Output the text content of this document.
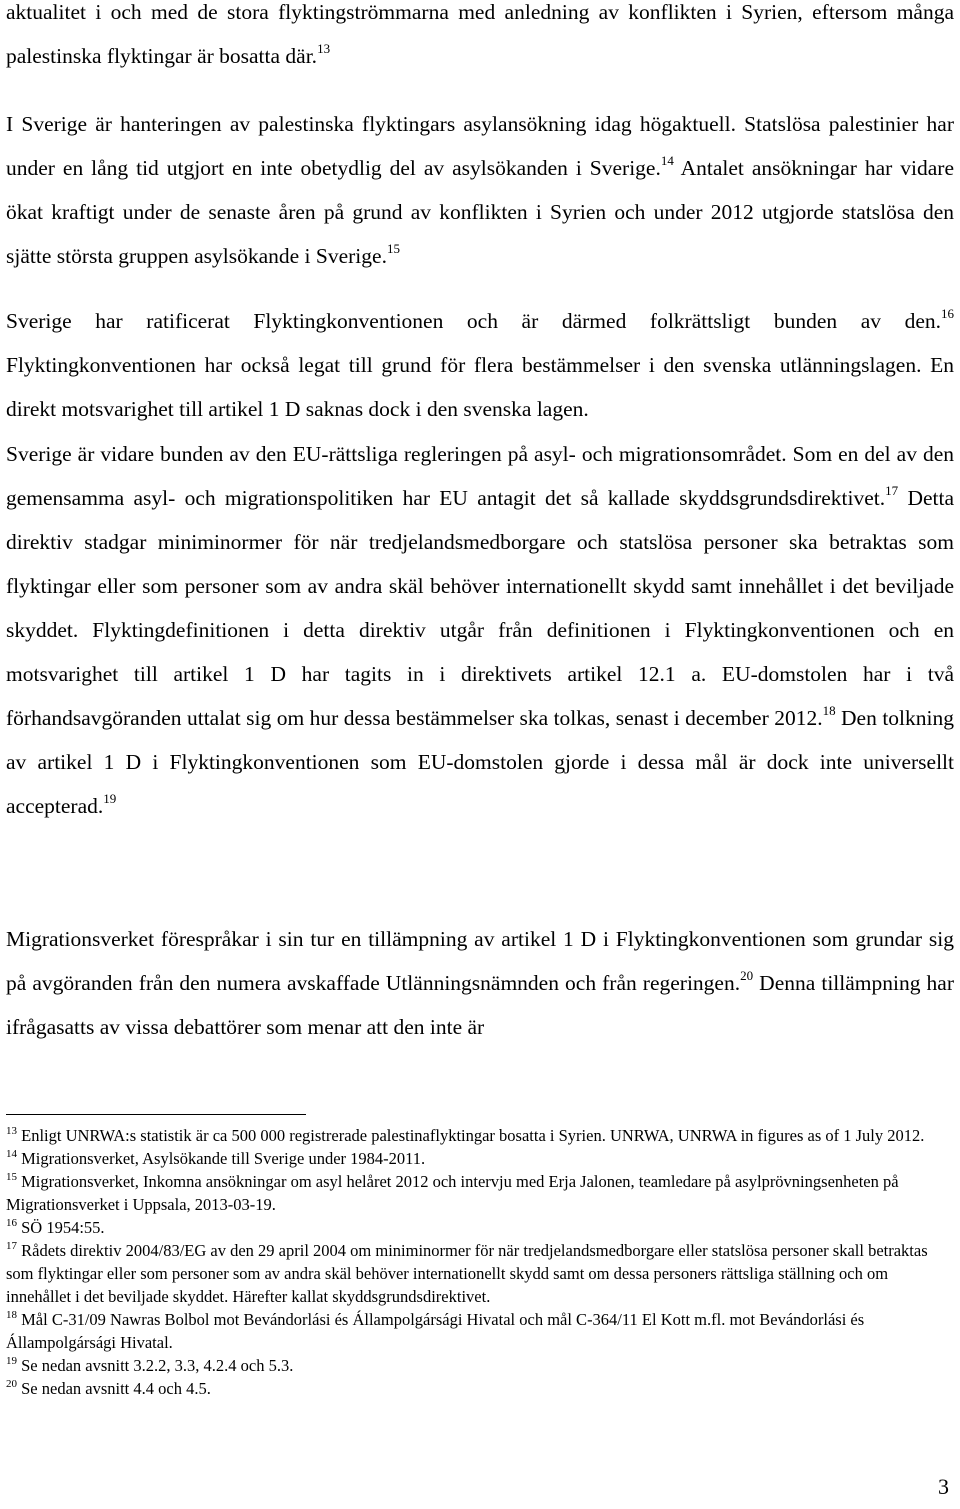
aktualitet i och med de stora flyktingströmmarna med anledning av konflikten i Syrien, eftersom många palestinska flyktingar är bosatta där.$^{13}$

I Sverige är hanteringen av palestinska flyktingars asylansökning idag högaktuell. Statslösa palestinier har under en lång tid utgjort en inte obetydlig del av asylsökanden i Sverige.$^{14}$ Antalet ansökningar har vidare ökat kraftigt under de senaste åren på grund av konflikten i Syrien och under 2012 utgjorde statslösa den sjätte största gruppen asylsökande i Sverige.$^{15}$

Sverige har ratificerat Flyktingkonventionen och är därmed folkrättsligt bunden av den.$^{16}$ Flyktingkonventionen har också legat till grund för flera bestämmelser i den svenska utlänningslagen. En direkt motsvarighet till artikel 1 D saknas dock i den svenska lagen.

Sverige är vidare bunden av den EU-rättsliga regleringen på asyl- och migrationsområdet. Som en del av den gemensamma asyl- och migrationspolitiken har EU antagit det så kallade skyddsgrundsdirektivet.$^{17}$ Detta direktiv stadgar miniminormer för när tredjelandsmedborgare och statslösa personer ska betraktas som flyktingar eller som personer som av andra skäl behöver internationellt skydd samt innehållet i det beviljade skyddet. Flyktingdefinitionen i detta direktiv utgår från definitionen i Flyktingkonventionen och en motsvarighet till artikel 1 D har tagits in i direktivets artikel 12.1 a. EU-domstolen har i två förhandsavgöranden uttalat sig om hur dessa bestämmelser ska tolkas, senast i december 2012.18 Den tolkning av artikel 1 D i Flyktingkonventionen som EU-domstolen gjorde i dessa mål är dock inte universellt accepterad.$^{19}$

Migrationsverket förespråkar i sin tur en tillämpning av artikel 1 D i Flyktingkonventionen som grundar sig på avgöranden från den numera avskaffade Utlänningsnämnden och från regeringen.$^{20}$ Denna tillämpning har ifrågasatts av vissa debattörer som menar att den inte är

$^{13}$ Enligt UNRWA:s statistik är ca 500 000 registrerade palestinaflyktingar bosatta i Syrien. UNRWA, UNRWA in figures as of 1 July 2012.

$^{14}$ Migrationsverket, Asylsökande till Sverige under 1984-2011.

$^{15}$ Migrationsverket, Inkomna ansökningar om asyl helåret 2012 och intervju med Erja Jalonen, teamledare på asylprövningsenheten på Migrationsverket i Uppsala, 2013-03-19.

$^{16}$ SÖ 1954:55.

$^{17}$ Rådets direktiv 2004/83/EG av den 29 april 2004 om miniminormer för när tredjelandsmedborgare eller statslösa personer skall betraktas som flyktingar eller som personer som av andra skäl behöver internationellt skydd samt om dessa personers rättsliga ställning och om innehållet i det beviljade skyddet. Härefter kallat skyddsgrundsdirektivet.

$^{18}$ Mål C-31/09 Nawras Bolbol mot Bevándorlási és Állampolgársági Hivatal och mål C-364/11 El Kott m.fl. mot Bevándorlási és Állampolgársági Hivatal.

$^{19}$ Se nedan avsnitt 3.2.2, 3.3, 4.2.4 och 5.3.

$^{20}$ Se nedan avsnitt 4.4 och 4.5.

3
